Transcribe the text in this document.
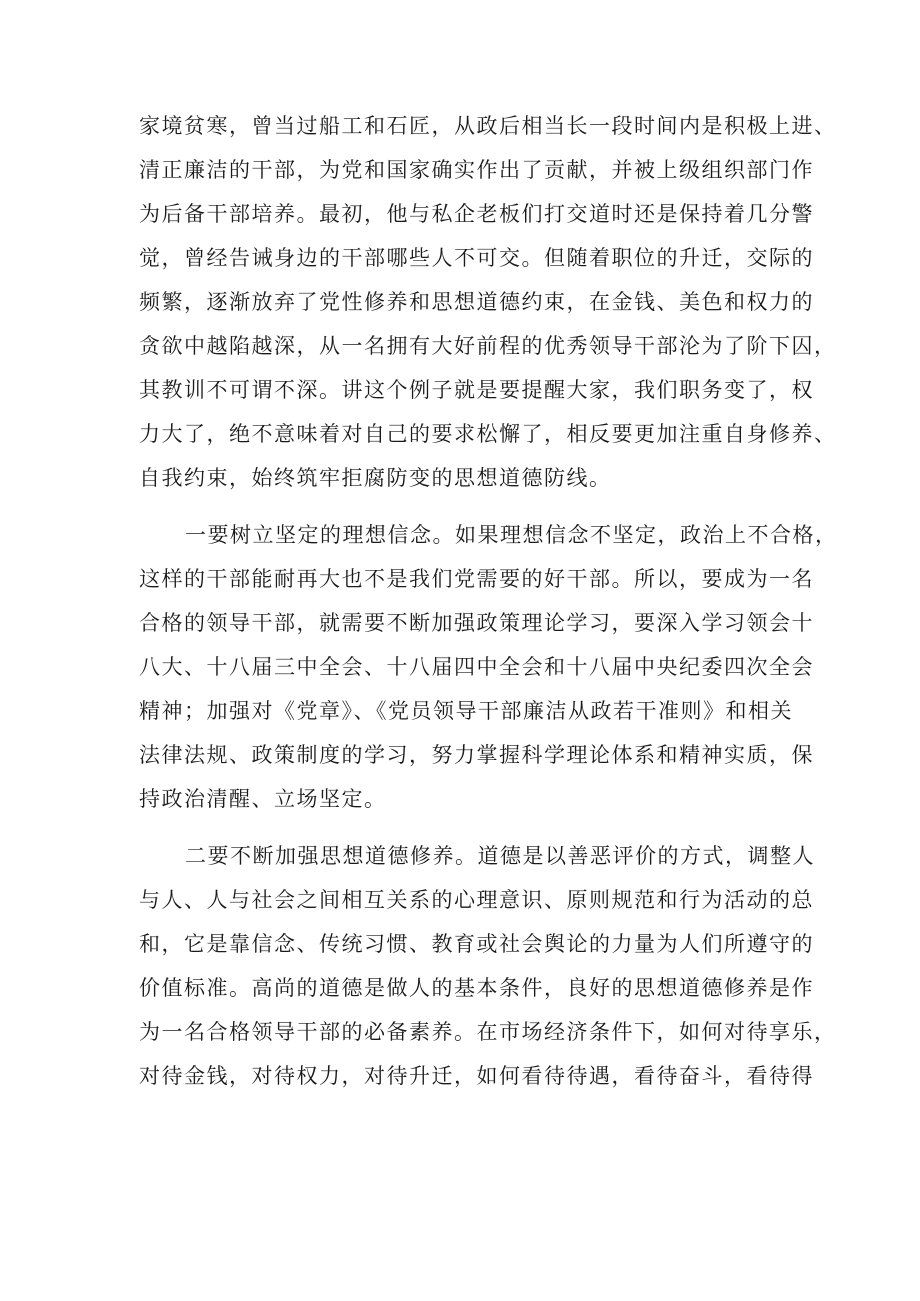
家境贫寒，曾当过船工和石匠，从政后相当长一段时间内是积极上进、
清正廉洁的干部，为党和国家确实作出了贡献，并被上级组织部门作
为后备干部培养。最初，他与私企老板们打交道时还是保持着几分警
觉，曾经告诫身边的干部哪些人不可交。但随着职位的升迁，交际的
频繁，逐渐放弃了党性修养和思想道德约束，在金钱、美色和权力的
贪欲中越陷越深，从一名拥有大好前程的优秀领导干部沦为了阶下囚，
其教训不可谓不深。讲这个例子就是要提醒大家，我们职务变了，权
力大了，绝不意味着对自己的要求松懈了，相反要更加注重自身修养、
自我约束，始终筑牢拒腐防变的思想道德防线。
一要树立坚定的理想信念。如果理想信念不坚定，政治上不合格，
这样的干部能耐再大也不是我们党需要的好干部。所以，要成为一名
合格的领导干部，就需要不断加强政策理论学习，要深入学习领会十
八大、十八届三中全会、十八届四中全会和十八届中央纪委四次全会
精神；加强对《党章》、《党员领导干部廉洁从政若干准则》和相关
法律法规、政策制度的学习，努力掌握科学理论体系和精神实质，保
持政治清醒、立场坚定。
二要不断加强思想道德修养。道德是以善恶评价的方式，调整人
与人、人与社会之间相互关系的心理意识、原则规范和行为活动的总
和，它是靠信念、传统习惯、教育或社会舆论的力量为人们所遵守的
价值标准。高尚的道德是做人的基本条件，良好的思想道德修养是作
为一名合格领导干部的必备素养。在市场经济条件下，如何对待享乐，
对待金钱，对待权力，对待升迁，如何看待待遇，看待奋斗，看待得
